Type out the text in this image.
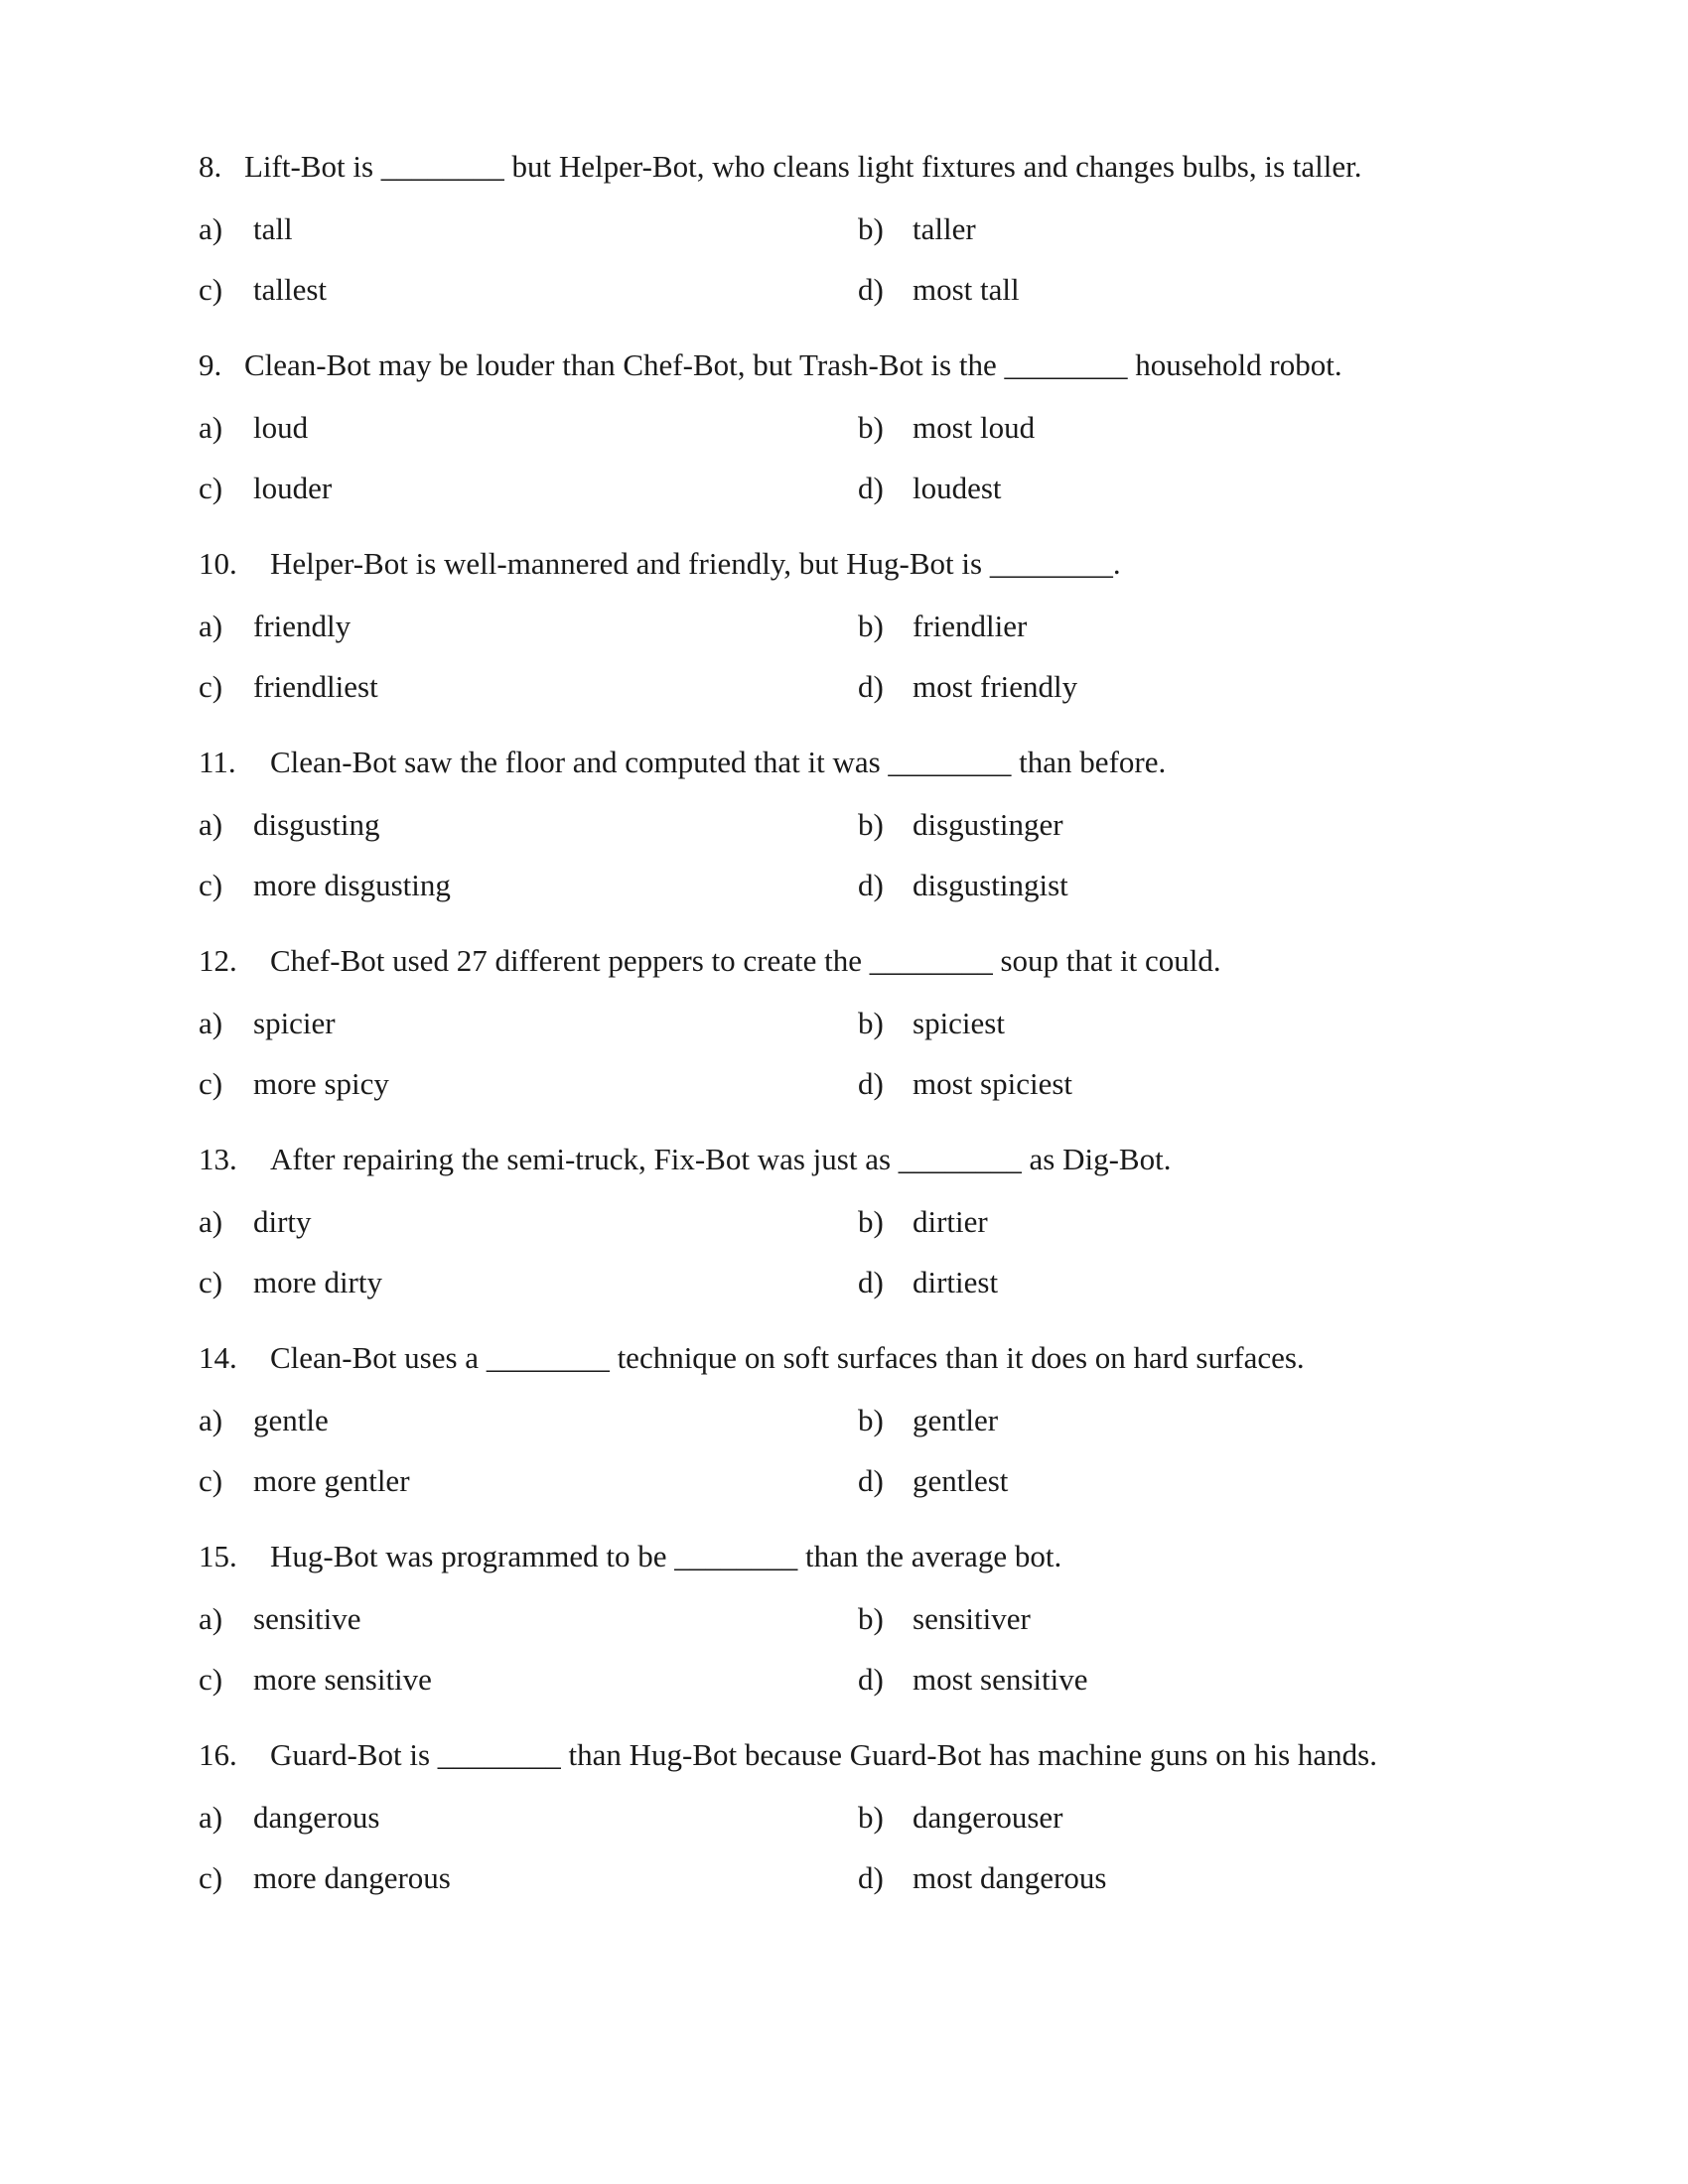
8. Lift-Bot is ________ but Helper-Bot, who cleans light fixtures and changes bulbs, is taller.
a) tall	b) taller
c) tallest	d) most tall
9. Clean-Bot may be louder than Chef-Bot, but Trash-Bot is the ________ household robot.
a) loud	b) most loud
c) louder	d) loudest
10. Helper-Bot is well-mannered and friendly, but Hug-Bot is ________.
a) friendly	b) friendlier
c) friendliest	d) most friendly
11. Clean-Bot saw the floor and computed that it was ________ than before.
a) disgusting	b) disgustinger
c) more disgusting	d) disgustingist
12. Chef-Bot used 27 different peppers to create the ________ soup that it could.
a) spicier	b) spiciest
c) more spicy	d) most spiciest
13. After repairing the semi-truck, Fix-Bot was just as ________ as Dig-Bot.
a) dirty	b) dirtier
c) more dirty	d) dirtiest
14. Clean-Bot uses a ________ technique on soft surfaces than it does on hard surfaces.
a) gentle	b) gentler
c) more gentler	d) gentlest
15. Hug-Bot was programmed to be ________ than the average bot.
a) sensitive	b) sensitiver
c) more sensitive	d) most sensitive
16. Guard-Bot is ________ than Hug-Bot because Guard-Bot has machine guns on his hands.
a) dangerous	b) dangerouser
c) more dangerous	d) most dangerous
